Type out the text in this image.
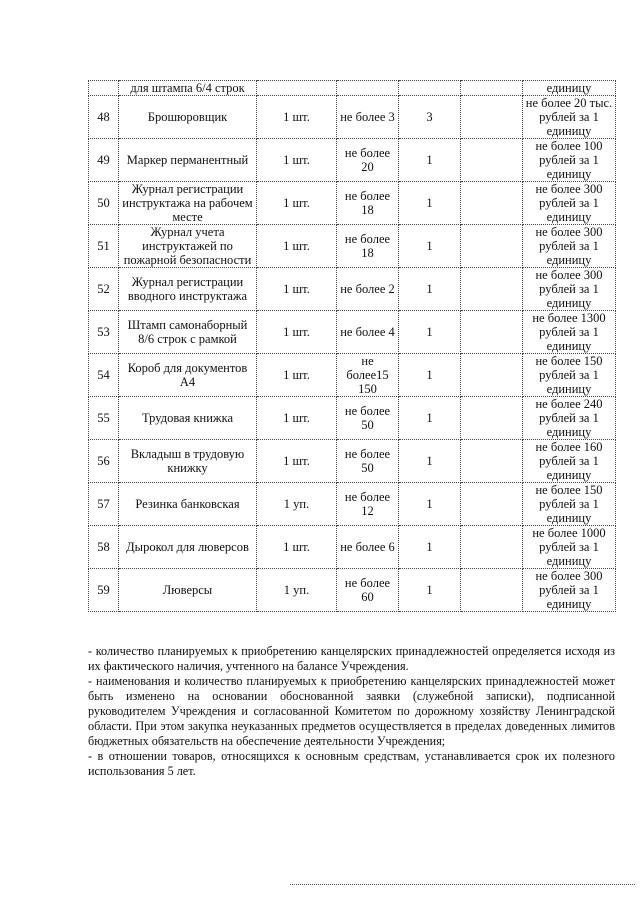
	для штампа 6/4 строк					единицу
48	Брошюровщик	1 шт.	не более 3	3		не более 20 тыс. рублей за 1 единицу
49	Маркер перманентный	1 шт.	не более 20	1		не более 100 рублей за 1 единицу
50	Журнал регистрации инструктажа на рабочем месте	1 шт.	не более 18	1		не более 300 рублей за 1 единицу
51	Журнал учета инструктажей по пожарной безопасности	1 шт.	не более 18	1		не более 300 рублей за 1 единицу
52	Журнал регистрации вводного инструктажа	1 шт.	не более 2	1		не более 300 рублей за 1 единицу
53	Штамп самонаборный 8/6 строк с рамкой	1 шт.	не более 4	1		не более 1300 рублей за 1 единицу
54	Короб для документов А4	1 шт.	не более15 150	1		не более 150 рублей за 1 единицу
55	Трудовая книжка	1 шт.	не более 50	1		не более 240 рублей за 1 единицу
56	Вкладыш в трудовую книжку	1 шт.	не более 50	1		не более 160 рублей за 1 единицу
57	Резинка банковская	1 уп.	не более 12	1		не более 150 рублей за 1 единицу
58	Дырокол для люверсов	1 шт.	не более 6	1		не более 1000 рублей за 1 единицу
59	Люверсы	1 уп.	не более 60	1		не более 300 рублей за 1 единицу

- количество планируемых к приобретению канцелярских принадлежностей определяется исходя из их фактического наличия, учтенного на балансе Учреждения.

- наименования и количество планируемых к приобретению канцелярских принадлежностей может быть изменено на основании обоснованной заявки (служебной записки), подписанной руководителем Учреждения и согласованной Комитетом по дорожному хозяйству Ленинградской области. При этом закупка неуказанных предметов осуществляется в пределах доведенных лимитов бюджетных обязательств на обеспечение деятельности Учреждения;

- в отношении товаров, относящихся к основным средствам, устанавливается срок их полезного использования 5 лет.
